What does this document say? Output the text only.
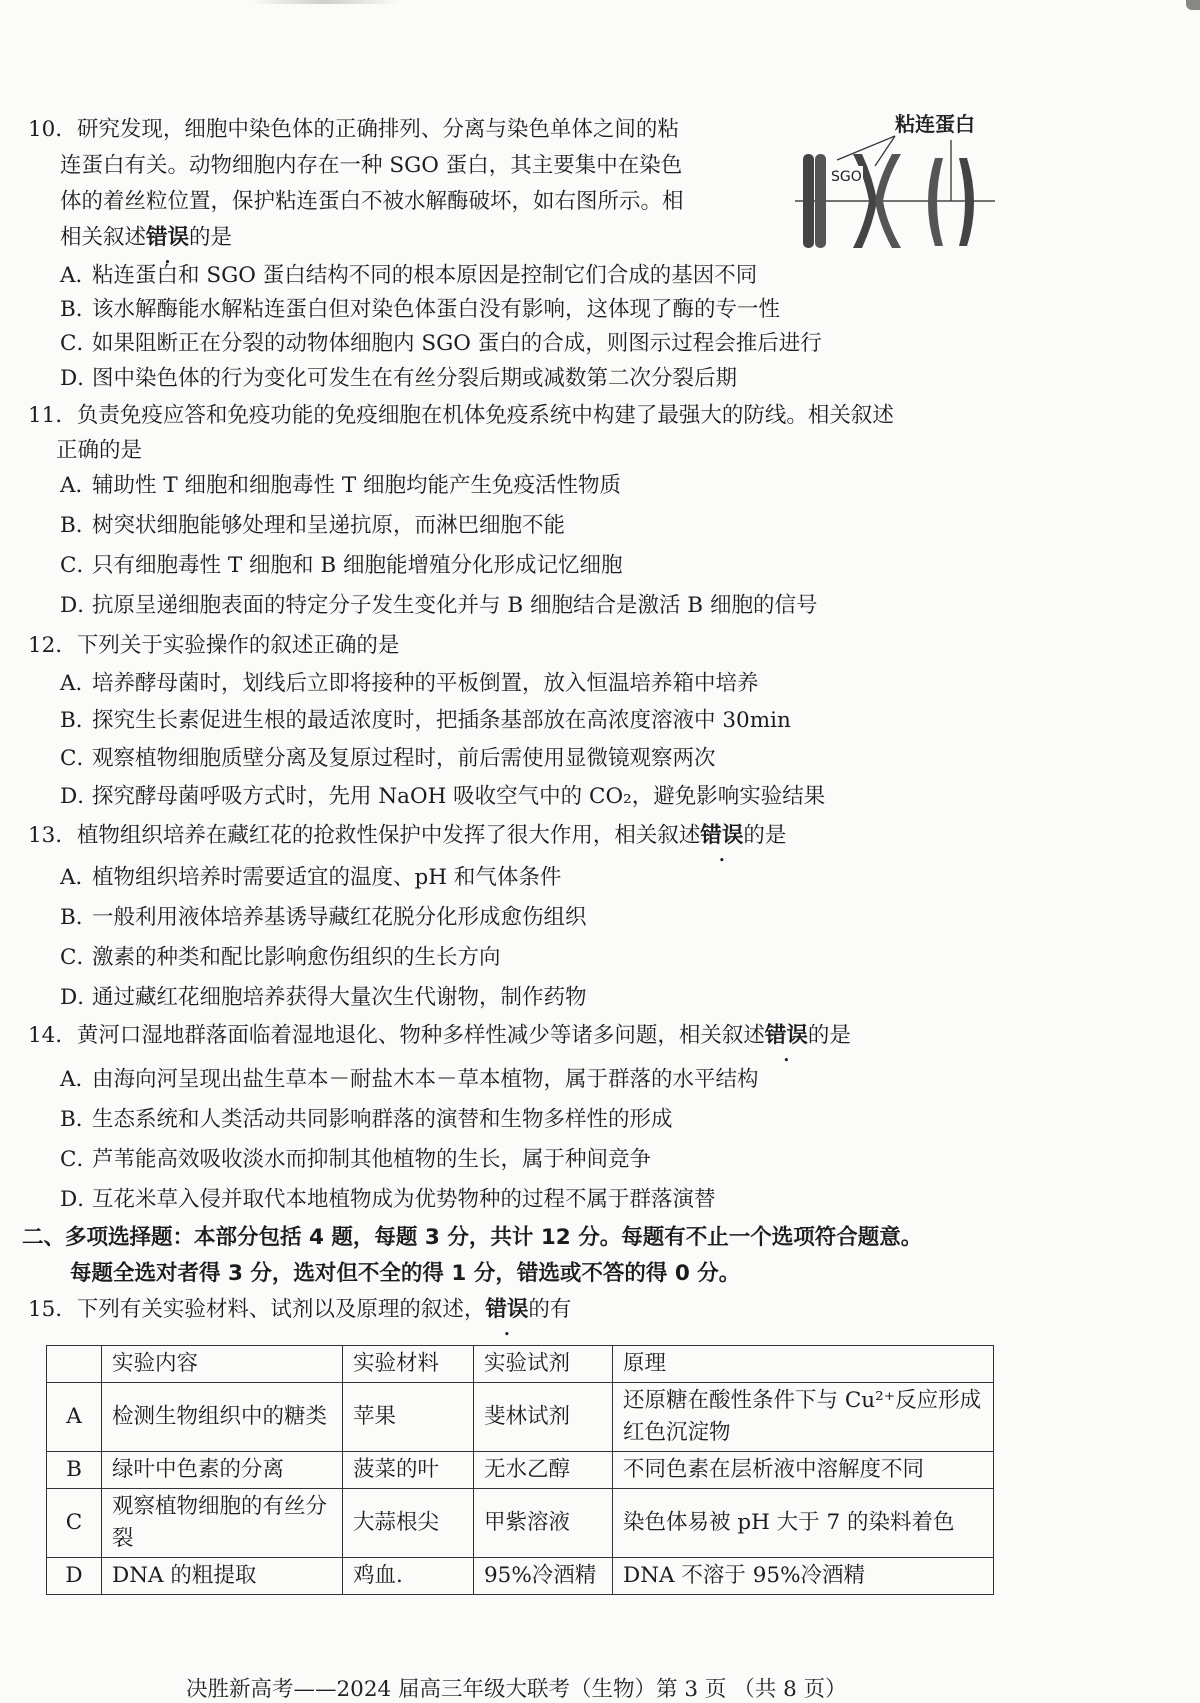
10．研究发现，细胞中染色体的正确排列、分离与染色单体之间的粘
连蛋白有关。动物细胞内存在一种 SGO 蛋白，其主要集中在染色
体的着丝粒位置，保护粘连蛋白不被水解酶破坏，如右图所示。相
相关叙述错误的是
粘连蛋白
SGO
A．粘连蛋白和 SGO 蛋白结构不同的根本原因是控制它们合成的基因不同
B．该水解酶能水解粘连蛋白但对染色体蛋白没有影响，这体现了酶的专一性
C．如果阻断正在分裂的动物体细胞内 SGO 蛋白的合成，则图示过程会推后进行
D．图中染色体的行为变化可发生在有丝分裂后期或减数第二次分裂后期
11．负责免疫应答和免疫功能的免疫细胞在机体免疫系统中构建了最强大的防线。相关叙述
正确的是
A．辅助性 T 细胞和细胞毒性 T 细胞均能产生免疫活性物质
B．树突状细胞能够处理和呈递抗原，而淋巴细胞不能
C．只有细胞毒性 T 细胞和 B 细胞能增殖分化形成记忆细胞
D．抗原呈递细胞表面的特定分子发生变化并与 B 细胞结合是激活 B 细胞的信号
12．下列关于实验操作的叙述正确的是
A．培养酵母菌时，划线后立即将接种的平板倒置，放入恒温培养箱中培养
B．探究生长素促进生根的最适浓度时，把插条基部放在高浓度溶液中 30min
C．观察植物细胞质壁分离及复原过程时，前后需使用显微镜观察两次
D．探究酵母菌呼吸方式时，先用 NaOH 吸收空气中的 CO₂，避免影响实验结果
13．植物组织培养在藏红花的抢救性保护中发挥了很大作用，相关叙述错误的是
A．植物组织培养时需要适宜的温度、pH 和气体条件
B．一般利用液体培养基诱导藏红花脱分化形成愈伤组织
C．激素的种类和配比影响愈伤组织的生长方向
D．通过藏红花细胞培养获得大量次生代谢物，制作药物
14．黄河口湿地群落面临着湿地退化、物种多样性减少等诸多问题，相关叙述错误的是
A．由海向河呈现出盐生草本－耐盐木本－草本植物，属于群落的水平结构
B．生态系统和人类活动共同影响群落的演替和生物多样性的形成
C．芦苇能高效吸收淡水而抑制其他植物的生长，属于种间竞争
D．互花米草入侵并取代本地植物成为优势物种的过程不属于群落演替
二、多项选择题：本部分包括 4 题，每题 3 分，共计 12 分。每题有不止一个选项符合题意。
每题全选对者得 3 分，选对但不全的得 1 分，错选或不答的得 0 分。
15．下列有关实验材料、试剂以及原理的叙述，错误的有
	实验内容	实验材料	实验试剂	原理
A	检测生物组织中的糖类	苹果	斐林试剂	还原糖在酸性条件下与 Cu²⁺反应形成红色沉淀物
B	绿叶中色素的分离	菠菜的叶	无水乙醇	不同色素在层析液中溶解度不同
C	观察植物细胞的有丝分裂	大蒜根尖	甲紫溶液	染色体易被 pH 大于 7 的染料着色
D	DNA 的粗提取	鸡血.	95%冷酒精	DNA 不溶于 95%冷酒精
决胜新高考——2024 届高三年级大联考（生物）第 3 页 （共 8 页）
